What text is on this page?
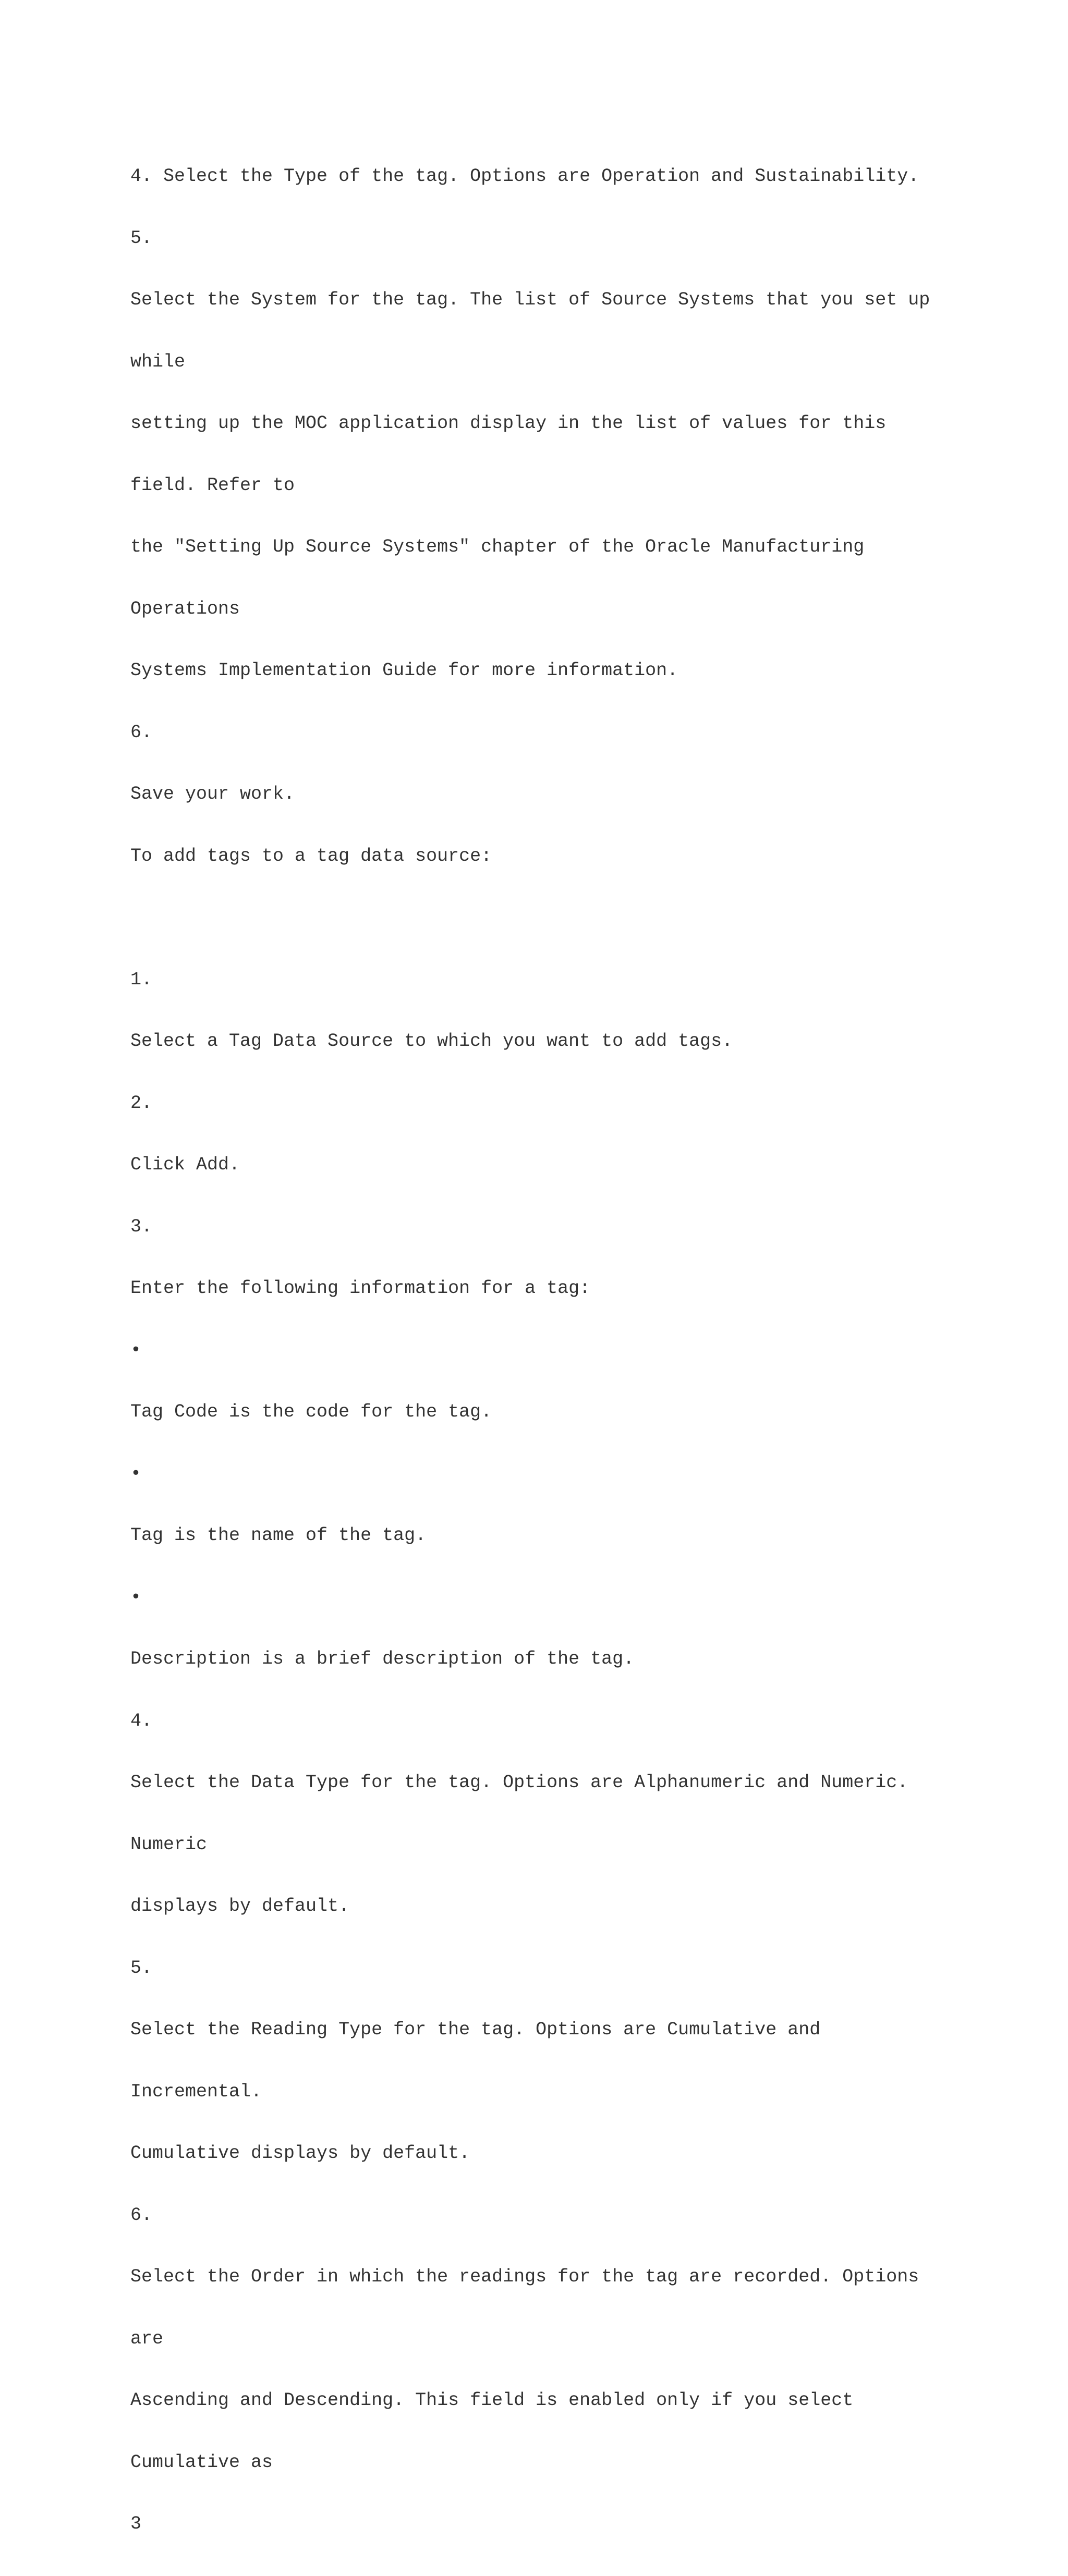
4. Select the Type of the tag. Options are Operation and Sustainability.

5.

Select the System for the tag. The list of Source Systems that you set up

while

setting up the MOC application display in the list of values for this

field. Refer to

the "Setting Up Source Systems" chapter of the Oracle Manufacturing

Operations

Systems Implementation Guide for more information.

6.

Save your work.

To add tags to a tag data source:

1.

Select a Tag Data Source to which you want to add tags.

2.

Click Add.

3.

Enter the following information for a tag:

•

Tag Code is the code for the tag.

•

Tag is the name of the tag.

•

Description is a brief description of the tag.

4.

Select the Data Type for the tag. Options are Alphanumeric and Numeric.

Numeric

displays by default.

5.

Select the Reading Type for the tag. Options are Cumulative and

Incremental.

Cumulative displays by default.

6.

Select the Order in which the readings for the tag are recorded. Options

are

Ascending and Descending. This field is enabled only if you select

Cumulative as

3
